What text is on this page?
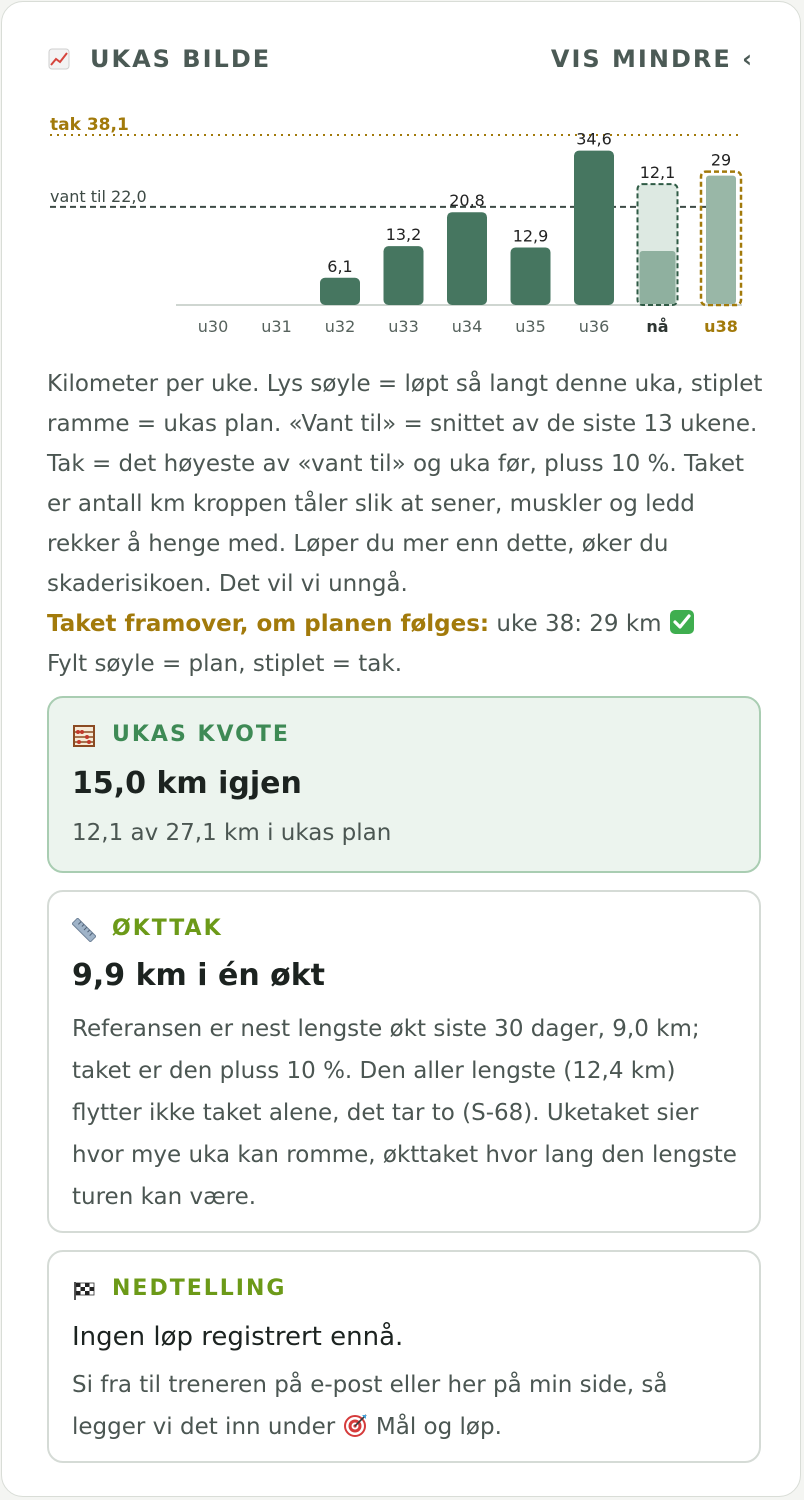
UKAS BILDE	VIS MINDRE ‹
tak 38,1
vant til 22,0
u30 u31
6,1
u32
13,2
u33
20,8
u34
12,9
u35
34,6
u36
12,1
nå
29
u38
Kilometer per uke. Lys søyle = løpt så langt denne uka, stiplet ramme = ukas plan. «Vant til» = snittet av de siste 13 ukene. Tak = det høyeste av «vant til» og uka før, pluss 10 %. Taket er antall km kroppen tåler slik at sener, muskler og ledd rekker å henge med. Løper du mer enn dette, øker du skaderisikoen. Det vil vi unngå.
Taket framover, om planen følges: uke 38: 29 km
Fylt søyle = plan, stiplet = tak.
UKAS KVOTE
15,0 km igjen
12,1 av 27,1 km i ukas plan
ØKTTAK
9,9 km i én økt
Referansen er nest lengste økt siste 30 dager, 9,0 km; taket er den pluss 10 %. Den aller lengste (12,4 km) flytter ikke taket alene, det tar to (S-68). Uketaket sier hvor mye uka kan romme, økttaket hvor lang den lengste turen kan være.
NEDTELLING
Ingen løp registrert ennå.
Si fra til treneren på e-post eller her på min side, så legger vi det inn under  Mål og løp.
